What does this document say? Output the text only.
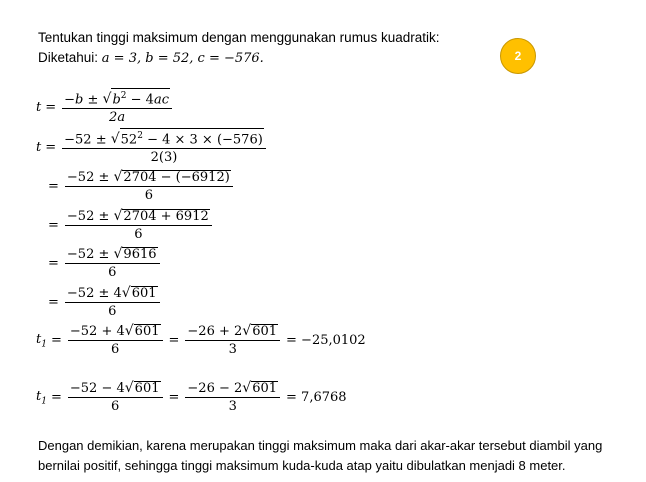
Tentukan tinggi maksimum dengan menggunakan rumus kuadratik:
Diketahui: a = 3, b = 52, c = −576.	2
$t = \frac{-b \pm √ b^2 - 4ac}{2a}$
$t = \frac{-52 \pm √ 52^2 - 4 \times 3 \times (-576)}{2(3)}$
= $\frac{-52 \pm √ 2704 - (-6912)}{6}$
= $\frac{-52 \pm √ 2704 + 6912}{6}$
= $\frac{-52 \pm √ 9616}{6}$
= $\frac{-52 \pm 4 √ 601}{6}$
$t_1 = \frac{-52 + 4 √ 601}{6} = \frac{-26 + 2 √ 601}{3} = -25,0102$
$t_1 = \frac{-52 - 4 √ 601}{6} = \frac{-26 - 2 √ 601}{3} = 7,6768$

Dengan demikian, karena merupakan tinggi maksimum maka dari akar-akar tersebut diambil yang
bernilai positif, sehingga tinggi maksimum kuda-kuda atap yaitu dibulatkan menjadi 8 meter.
